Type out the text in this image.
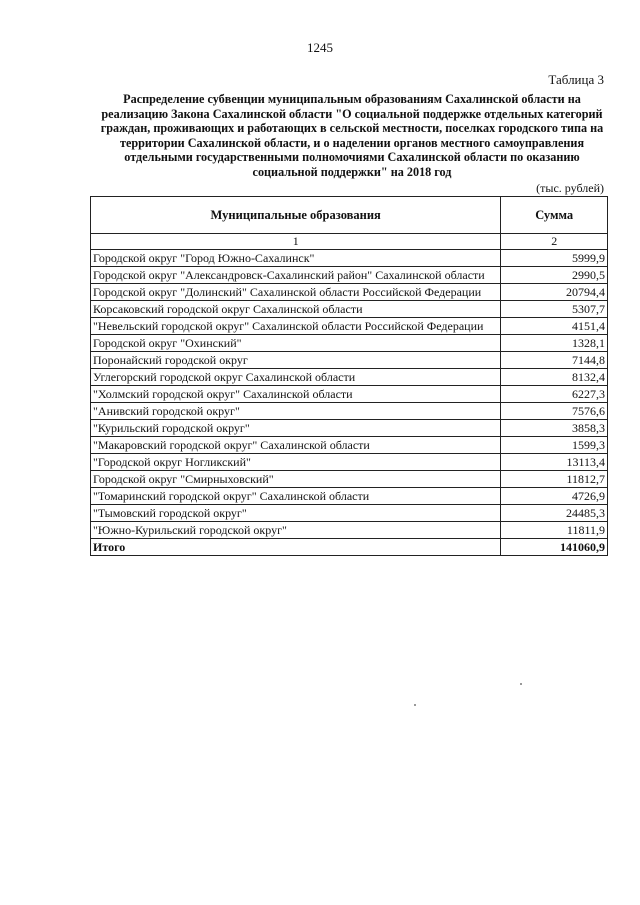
1245
Таблица 3
Распределение субвенции муниципальным образованиям Сахалинской области на реализацию Закона Сахалинской области "О социальной поддержке отдельных категорий граждан, проживающих и работающих в сельской местности, поселках городского типа на территории Сахалинской области, и о наделении органов местного самоуправления отдельными государственными полномочиями Сахалинской области по оказанию социальной поддержки" на 2018 год
(тыс. рублей)
Муниципальные образования	Сумма
1	2
Городской округ "Город Южно-Сахалинск"	5999,9
Городской округ "Александровск-Сахалинский район" Сахалинской области	2990,5
Городской округ "Долинский" Сахалинской области Российской Федерации	20794,4
Корсаковский городской округ Сахалинской области	5307,7
"Невельский городской округ" Сахалинской области Российской Федерации	4151,4
Городской округ "Охинский"	1328,1
Поронайский городской округ	7144,8
Углегорский городской округ Сахалинской области	8132,4
"Холмский городской округ" Сахалинской области	6227,3
"Анивский городской округ"	7576,6
"Курильский городской округ"	3858,3
"Макаровский городской округ" Сахалинской области	1599,3
"Городской округ Ногликский"	13113,4
Городской округ "Смирныховский"	11812,7
"Томаринский городской округ" Сахалинской области	4726,9
"Тымовский городской округ"	24485,3
"Южно-Курильский городской округ"	11811,9
Итого	141060,9
